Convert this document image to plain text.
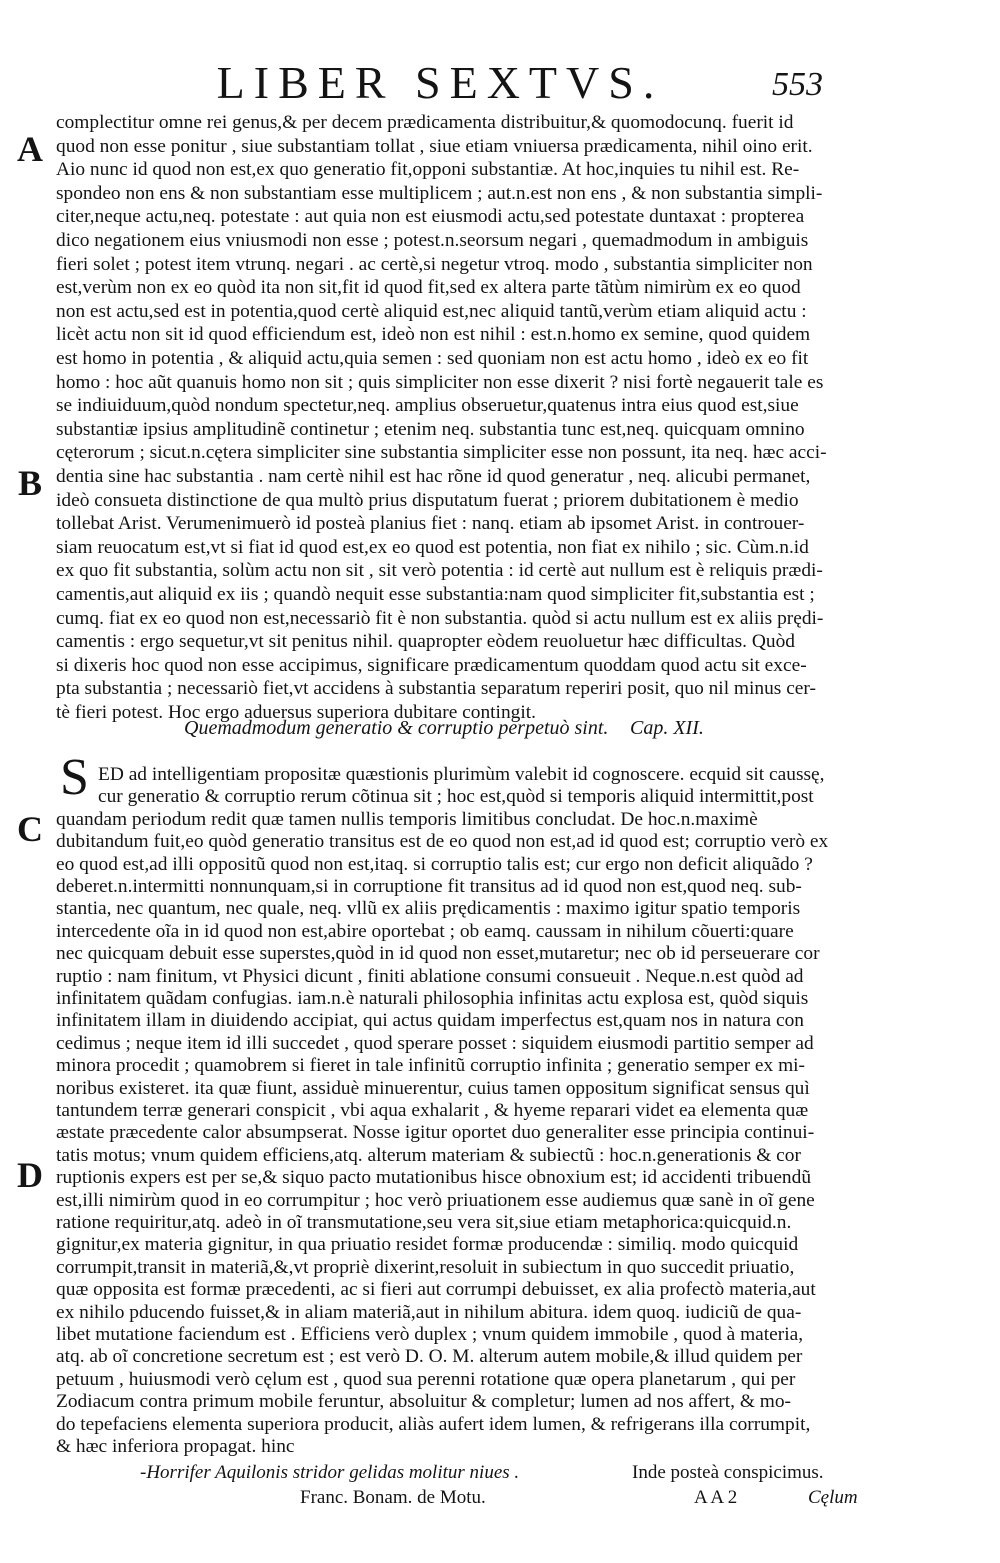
LIBER SEXTVS.	553
A
B
C
D
complectitur omne rei genus,& per decem prædicamenta distribuitur,& quomodocunq. fuerit id
quod non esse ponitur , siue substantiam tollat , siue etiam vniuersa prædicamenta, nihil oino erit.
Aio nunc id quod non est,ex quo generatio fit,opponi substantiæ. At hoc,inquies tu nihil est. Re-
spondeo non ens & non substantiam esse multiplicem ; aut.n.est non ens , & non substantia simpli-
citer,neque actu,neq. potestate : aut quia non est eiusmodi actu,sed potestate duntaxat : propterea
dico negationem eius vniusmodi non esse ; potest.n.seorsum negari , quemadmodum in ambiguis
fieri solet ; potest item vtrunq. negari . ac certè,si negetur vtroq. modo , substantia simpliciter non
est,verùm non ex eo quòd ita non sit,fit id quod fit,sed ex altera parte tãtùm nimirùm ex eo quod
non est actu,sed est in potentia,quod certè aliquid est,nec aliquid tantũ,verùm etiam aliquid actu :
licèt actu non sit id quod efficiendum est, ideò non est nihil : est.n.homo ex semine, quod quidem
est homo in potentia , & aliquid actu,quia semen : sed quoniam non est actu homo , ideò ex eo fit
homo : hoc aũt quanuis homo non sit ; quis simpliciter non esse dixerit ? nisi fortè negauerit tale es
se indiuiduum,quòd nondum spectetur,neq. amplius obseruetur,quatenus intra eius quod est,siue
substantiæ ipsius amplitudinẽ continetur ; etenim neq. substantia tunc est,neq. quicquam omnino
cęterorum ; sicut.n.cętera simpliciter sine substantia simpliciter esse non possunt, ita neq. hæc acci-
dentia sine hac substantia . nam certè nihil est hac rõne id quod generatur , neq. alicubi permanet,
ideò consueta distinctione de qua multò prius disputatum fuerat ; priorem dubitationem è medio
tollebat Arist. Verumenimuerò id posteà planius fiet : nanq. etiam ab ipsomet Arist. in controuer-
siam reuocatum est,vt si fiat id quod est,ex eo quod est potentia, non fiat ex nihilo ; sic. Cùm.n.id
ex quo fit substantia, solùm actu non sit , sit verò potentia : id certè aut nullum est è reliquis prædi-
camentis,aut aliquid ex iis ; quandò nequit esse substantia:nam quod simpliciter fit,substantia est ;
cumq. fiat ex eo quod non est,necessariò fit è non substantia. quòd si actu nullum est ex aliis prędi-
camentis : ergo sequetur,vt sit penitus nihil. quapropter eòdem reuoluetur hæc difficultas. Quòd
si dixeris hoc quod non esse accipimus, significare prædicamentum quoddam quod actu sit exce-
pta substantia ; necessariò fiet,vt accidens à substantia separatum reperiri posit, quo nil minus cer-
tè fieri potest. Hoc ergo aduersus superiora dubitare contingit.
Quemadmodum generatio & corruptio perpetuò sint. Cap. XII.
S ED ad intelligentiam propositæ quæstionis plurimùm valebit id cognoscere. ecquid sit caussę,
cur generatio & corruptio rerum cõtinua sit ; hoc est,quòd si temporis aliquid intermittit,post
quandam periodum redit quæ tamen nullis temporis limitibus concludat. De hoc.n.maximè
dubitandum fuit,eo quòd generatio transitus est de eo quod non est,ad id quod est; corruptio verò ex
eo quod est,ad illi oppositũ quod non est,itaq. si corruptio talis est; cur ergo non deficit aliquãdo ?
deberet.n.intermitti nonnunquam,si in corruptione fit transitus ad id quod non est,quod neq. sub-
stantia, nec quantum, nec quale, neq. vllũ ex aliis prędicamentis : maximo igitur spatio temporis
intercedente oĩa in id quod non est,abire oportebat ; ob eamq. caussam in nihilum cõuerti:quare
nec quicquam debuit esse superstes,quòd in id quod non esset,mutaretur; nec ob id perseuerare cor
ruptio : nam finitum, vt Physici dicunt , finiti ablatione consumi consueuit . Neque.n.est quòd ad
infinitatem quãdam confugias. iam.n.è naturali philosophia infinitas actu explosa est, quòd siquis
infinitatem illam in diuidendo accipiat, qui actus quidam imperfectus est,quam nos in natura con
cedimus ; neque item id illi succedet , quod sperare posset : siquidem eiusmodi partitio semper ad
minora procedit ; quamobrem si fieret in tale infinitũ corruptio infinita ; generatio semper ex mi-
noribus existeret. ita quæ fiunt, assiduè minuerentur, cuius tamen oppositum significat sensus quì
tantundem terræ generari conspicit , vbi aqua exhalarit , & hyeme reparari videt ea elementa quæ
æstate præcedente calor absumpserat. Nosse igitur oportet duo generaliter esse principia continui-
tatis motus; vnum quidem efficiens,atq. alterum materiam & subiectũ : hoc.n.generationis & cor
ruptionis expers est per se,& siquo pacto mutationibus hisce obnoxium est; id accidenti tribuendũ
est,illi nimirùm quod in eo corrumpitur ; hoc verò priuationem esse audiemus quæ sanè in oĩ gene
ratione requiritur,atq. adeò in oĩ transmutatione,seu vera sit,siue etiam metaphorica:quicquid.n.
gignitur,ex materia gignitur, in qua priuatio residet formæ producendæ : similiq. modo quicquid
corrumpit,transit in materiã,&,vt propriè dixerint,resoluit in subiectum in quo succedit priuatio,
quæ opposita est formæ præcedenti, ac si fieri aut corrumpi debuisset, ex alia profectò materia,aut
ex nihilo pducendo fuisset,& in aliam materiã,aut in nihilum abitura. idem quoq. iudiciũ de qua-
libet mutatione faciendum est . Efficiens verò duplex ; vnum quidem immobile , quod à materia,
atq. ab oĩ concretione secretum est ; est verò D. O. M. alterum autem mobile,& illud quidem per
petuum , huiusmodi verò cęlum est , quod sua perenni rotatione quæ opera planetarum , qui per
Zodiacum contra primum mobile feruntur, absoluitur & completur; lumen ad nos affert, & mo-
do tepefaciens elementa superiora producit, aliàs aufert idem lumen, & refrigerans illa corrumpit,
& hæc inferiora propagat. hinc
-Horrifer Aquilonis stridor gelidas molitur niues .
Franc. Bonam. de Motu.
Inde posteà conspicimus.
A A 2	Cęlum
